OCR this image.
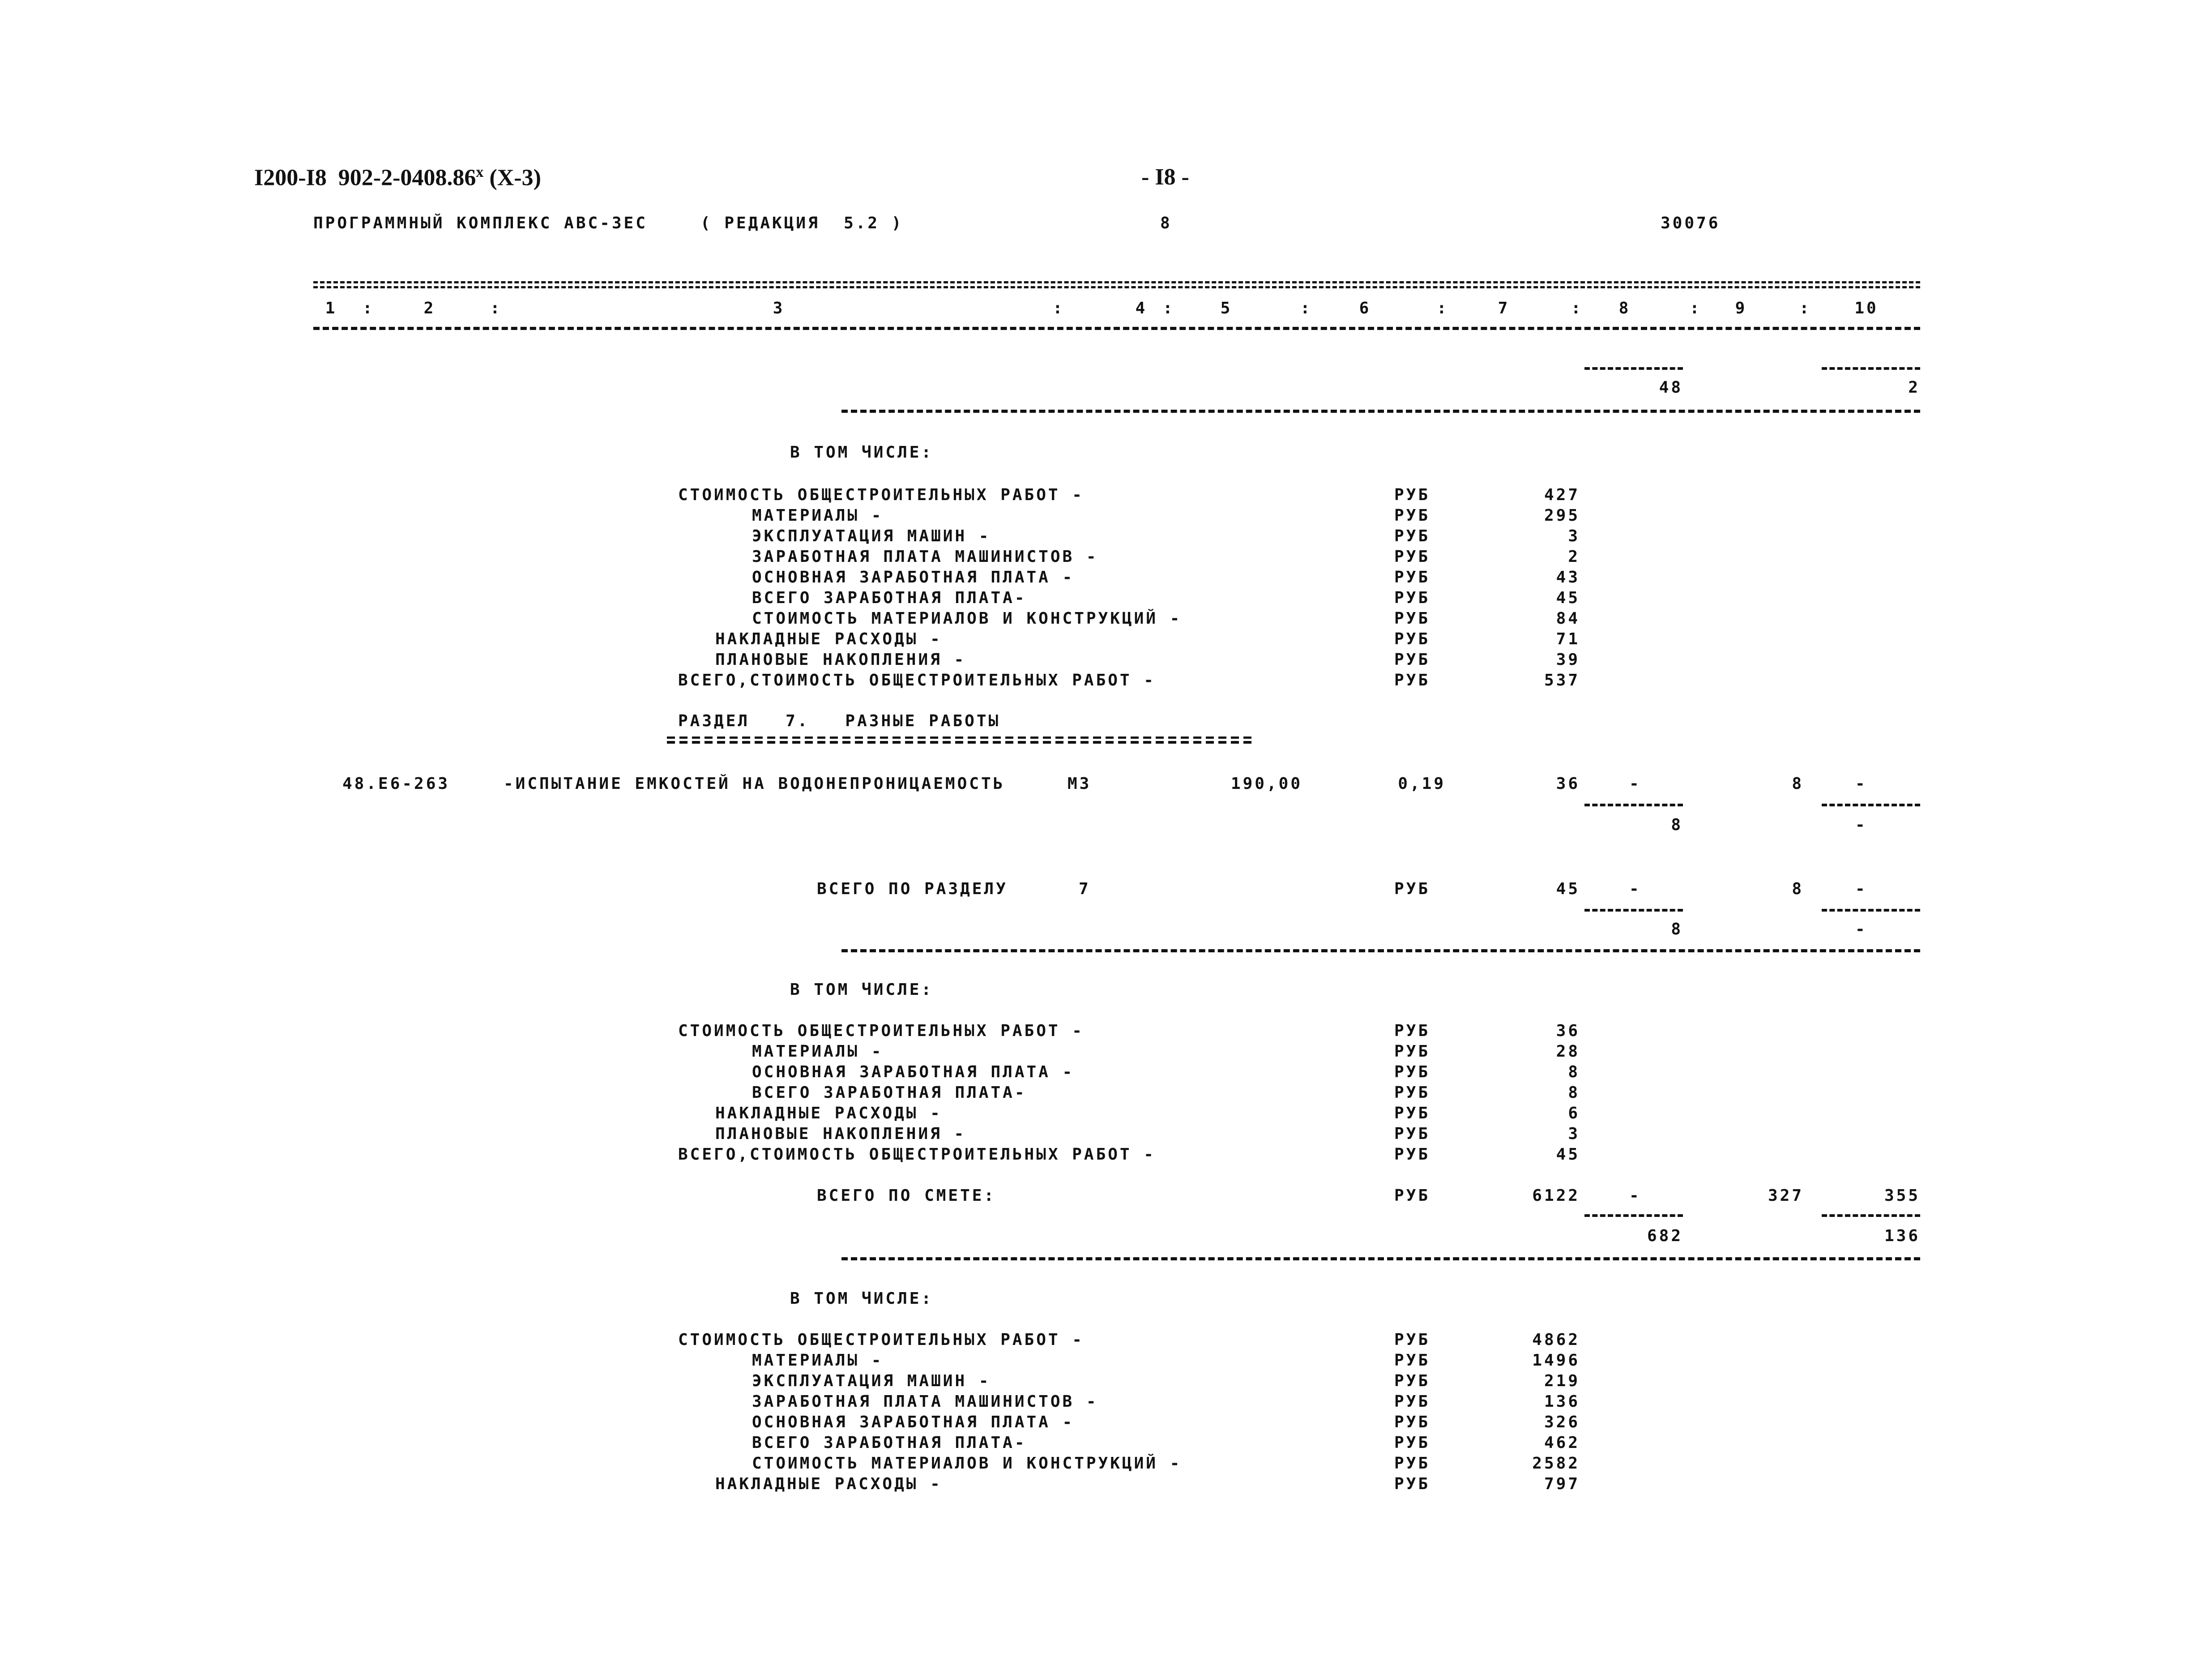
I200-I8  902-2-0408.86$^x$ (X-3)	- I8 -
ПРОГРАММНЫЙ КОМПЛЕКС АВС-3ЕС	( РЕДАКЦИЯ  5.2 )	8	30076
1	2	3	4	5	6	7	8	9	10
:	:	:	:	:	:	:	:	:
48	2
В ТОМ ЧИСЛЕ:
СТОИМОСТЬ ОБЩЕСТРОИТЕЛЬНЫХ РАБОТ -	РУБ	427
МАТЕРИАЛЫ -	РУБ	295
ЭКСПЛУАТАЦИЯ МАШИН -	РУБ	3
ЗАРАБОТНАЯ ПЛАТА МАШИНИСТОВ -	РУБ	2
ОСНОВНАЯ ЗАРАБОТНАЯ ПЛАТА -	РУБ	43
ВСЕГО ЗАРАБОТНАЯ ПЛАТА-	РУБ	45
СТОИМОСТЬ МАТЕРИАЛОВ И КОНСТРУКЦИЙ -	РУБ	84
НАКЛАДНЫЕ РАСХОДЫ -	РУБ	71
ПЛАНОВЫЕ НАКОПЛЕНИЯ -	РУБ	39
ВСЕГО,СТОИМОСТЬ ОБЩЕСТРОИТЕЛЬНЫХ РАБОТ -	РУБ	537
РАЗДЕЛ   7.   РАЗНЫЕ РАБОТЫ
48.Е6-263	-ИСПЫТАНИЕ ЕМКОСТЕЙ НА ВОДОНЕПРОНИЦАЕМОСТЬ	М3	190,00	0,19	36	-	8	-
8	-
ВСЕГО ПО РАЗДЕЛУ	7	РУБ	45	-	8	-
8	-
В ТОМ ЧИСЛЕ:
СТОИМОСТЬ ОБЩЕСТРОИТЕЛЬНЫХ РАБОТ -	РУБ	36
МАТЕРИАЛЫ -	РУБ	28
ОСНОВНАЯ ЗАРАБОТНАЯ ПЛАТА -	РУБ	8
ВСЕГО ЗАРАБОТНАЯ ПЛАТА-	РУБ	8
НАКЛАДНЫЕ РАСХОДЫ -	РУБ	6
ПЛАНОВЫЕ НАКОПЛЕНИЯ -	РУБ	3
ВСЕГО,СТОИМОСТЬ ОБЩЕСТРОИТЕЛЬНЫХ РАБОТ -	РУБ	45
ВСЕГО ПО СМЕТЕ:	РУБ	6122	-	327	355
682	136
В ТОМ ЧИСЛЕ:
СТОИМОСТЬ ОБЩЕСТРОИТЕЛЬНЫХ РАБОТ -	РУБ	4862
МАТЕРИАЛЫ -	РУБ	1496
ЭКСПЛУАТАЦИЯ МАШИН -	РУБ	219
ЗАРАБОТНАЯ ПЛАТА МАШИНИСТОВ -	РУБ	136
ОСНОВНАЯ ЗАРАБОТНАЯ ПЛАТА -	РУБ	326
ВСЕГО ЗАРАБОТНАЯ ПЛАТА-	РУБ	462
СТОИМОСТЬ МАТЕРИАЛОВ И КОНСТРУКЦИЙ -	РУБ	2582
НАКЛАДНЫЕ РАСХОДЫ -	РУБ	797
